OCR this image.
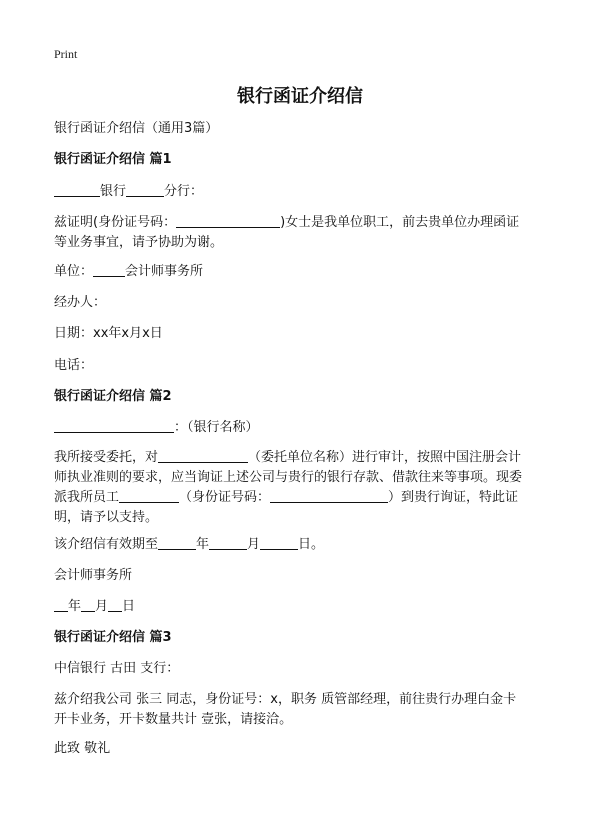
Print
银行函证介绍信

银行函证介绍信（通用3篇）

银行函证介绍信 篇1

银行	分行：

兹证明(身份证号码：	)女士是我单位职工，前去贵单位办理函证
等业务事宜，请予协助为谢。

单位： 会计师事务所

经办人：

日期：xx年x月x日

电话：

银行函证介绍信 篇2

：（银行名称）

我所接受委托，对	（委托单位名称）进行审计，按照中国注册会计
师执业准则的要求，应当询证上述公司与贵行的银行存款、借款往来等事项。现委
派我所员工	（身份证号码：	）到贵行询证，特此证
明，请予以支持。

该介绍信有效期至	年	月	日。

会计师事务所

年 月 日

银行函证介绍信 篇3

中信银行 古田 支行：

兹介绍我公司 张三 同志，身份证号：x，职务 质管部经理，前往贵行办理白金卡
开卡业务，开卡数量共计 壹张，请接洽。

此致 敬礼
